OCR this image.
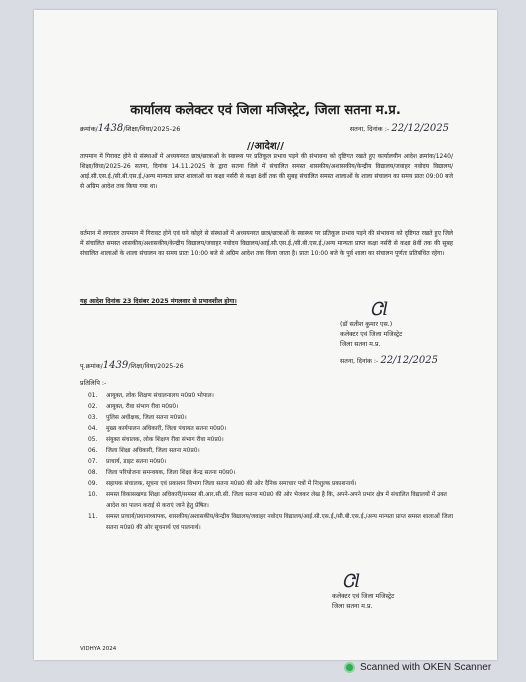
कार्यालय कलेक्टर एवं जिला मजिस्ट्रेट, जिला सतना म.प्र.
क्रमांक/1438/शिक्षा/विधा/2025-26	सतना, दिनांक :- 22/12/2025
//आदेश//
तापमान में गिरावट होने से संस्थाओं में अध्ययनरत छात्र/छात्राओं के स्वास्थ्य पर प्रतिकूल प्रभाव पड़ने की संभावना को दृष्टिगत रखते हुए कार्यालयीन आदेश क्रमांक/1240/शिक्षा/विधा/2025-26 सतना, दिनांक 14.11.2025 के द्वारा सतना जिले में संचालित समस्त शासकीय/अशासकीय/केन्द्रीय विद्यालय/जवाहर नवोदय विद्यालय/आई.सी.एस.ई./सी.बी.एस.ई./अन्य मान्यता प्राप्त शालाओं का कक्षा नर्सरी से कक्षा 8वीं तक की सुबह संचालित समस्त शालाओं के शाला संचालन का समय प्रातः 09:00 बजे से अग्रिम आदेश तक किया गया था।
वर्तमान में लगातार तापमान में गिरावट होने एवं घने कोहरे से संस्थाओं में अध्ययनरत छात्र/छात्राओं के स्वास्थ्य पर प्रतिकूल प्रभाव पड़ने की संभावना को दृष्टिगत रखते हुए जिले में संचालित समस्त शासकीय/अशासकीय/केन्द्रीय विद्यालय/जवाहर नवोदय विद्यालय/आई.सी.एस.ई./सी.बी.एस.ई./अन्य मान्यता प्राप्त कक्षा नर्सरी से कक्षा 8वीं तक की सुबह संचालित शालाओं के शाला संचालन का समय प्रातः 10:00 बजे से अग्रिम आदेश तक किया जाता है। प्रातः 10:00 बजे के पूर्व शाला का संचालन पूर्णतः प्रतिबंधित रहेगा।
यह आदेश दिनांक 23 दिसंबर 2025 मंगलवार से प्रभावशील होगा।	Ꮳl
(डॉ सतीश कुमार एस.)
कलेक्टर एवं जिला मजिस्ट्रेट
जिला सतना म.प्र.
सतना, दिनांक :- 22/12/2025
पृ.क्रमांक/1439/शिक्षा/विधा/2025-26
प्रतिलिपि :-
01.	आयुक्त, लोक शिक्षण संचालनालय म0प्र0 भोपाल।
02.	आयुक्त, रीवा संभाग रीवा म0प्र0।
03.	पुलिस अधीक्षक, जिला सतना म0प्र0।
04.	मुख्य कार्यपालन अधिकारी, जिला पंचायत सतना म0प्र0।
05.	संयुक्त संचालक, लोक शिक्षण रीवा संभाग रीवा म0प्र0।
06.	जिला शिक्षा अधिकारी, जिला सतना म0प्र0।
07.	प्राचार्य, डाइट सतना म0प्र0।
08.	जिला परियोजना समन्वयक, जिला शिक्षा केन्द्र सतना म0प्र0।
09.	सहायक संचालक, सूचना एवं प्रकाशन विभाग जिला सतना म0प्र0 की ओर दैनिक समाचार पत्रों में निःशुल्क प्रकाशनार्थ।
10.	समस्त विकासखण्ड शिक्षा अधिकारी/समस्त बी.आर.सी.सी. जिला सतना म0प्र0 की ओर भेजकर लेख है कि, अपने-अपने प्रभार क्षेत्र में संचालित विद्यालयों में उक्त आदेश का पालन कराई से कराएं जाने हेतु प्रेषित।
11.	समस्त प्राचार्य/प्रधानाध्यापक, शासकीय/अशासकीय/केन्द्रीय विद्यालय/जवाहर नवोदय विद्यालय/आई.सी.एस.ई./सी.बी.एस.ई./अन्य मान्यता प्राप्त समस्त शालाओं जिला सतना म0प्र0 की ओर सूचनार्थ एवं पालनार्थ।
Ꮳl
कलेक्टर एवं जिला मजिस्ट्रेट
जिला सतना म.प्र.
VIDHYA 2024
Scanned with OKEN Scanner
